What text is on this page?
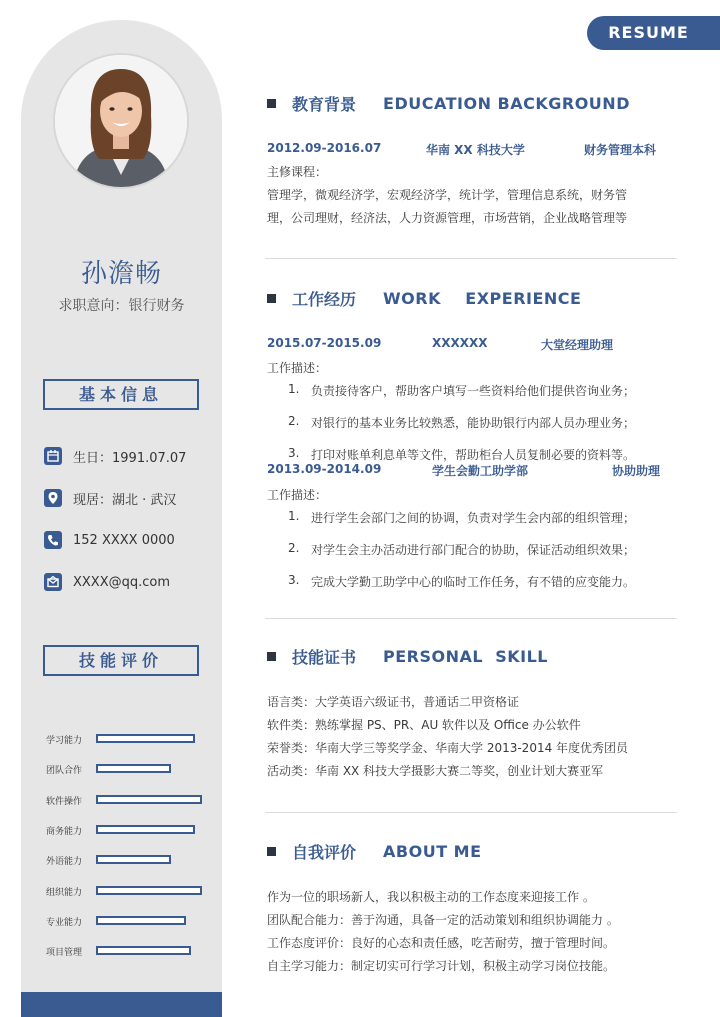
孙澹畅
求职意向：银行财务
基本信息
生日：1991.07.07
现居：湖北 · 武汉
152 XXXX 0000
XXXX@qq.com
技能评价
学习能力
团队合作
软件操作
商务能力
外语能力
组织能力
专业能力
项目管理
RESUME
教育背景 EDUCATION BACKGROUND
2012.09-2016.07	华南 XX 科技大学	财务管理本科
主修课程：
管理学，微观经济学，宏观经济学，统计学，管理信息系统，财务管
理，公司理财，经济法，人力资源管理，市场营销，企业战略管理等
工作经历 WORK    EXPERIENCE
2015.07-2015.09	XXXXXX	大堂经理助理
工作描述：
1. 负责接待客户，帮助客户填写一些资料给他们提供咨询业务；
2. 对银行的基本业务比较熟悉，能协助银行内部人员办理业务；
3. 打印对账单利息单等文件，帮助柜台人员复制必要的资料等。
2013.09-2014.09	学生会勤工助学部	协助助理
工作描述：
1. 进行学生会部门之间的协调，负责对学生会内部的组织管理；
2. 对学生会主办活动进行部门配合的协助，保证活动组织效果；
3. 完成大学勤工助学中心的临时工作任务，有不错的应变能力。
技能证书 PERSONAL  SKILL
语言类：大学英语六级证书，普通话二甲资格证
软件类：熟练掌握 PS、PR、AU 软件以及 Office 办公软件
荣誉类：华南大学三等奖学金、华南大学 2013-2014 年度优秀团员
活动类：华南 XX 科技大学摄影大赛二等奖，创业计划大赛亚军
自我评价 ABOUT ME
作为一位的职场新人，我以积极主动的工作态度来迎接工作 。
团队配合能力：善于沟通，具备一定的活动策划和组织协调能力 。
工作态度评价：良好的心态和责任感，吃苦耐劳，擅于管理时间。
自主学习能力：制定切实可行学习计划，积极主动学习岗位技能。
